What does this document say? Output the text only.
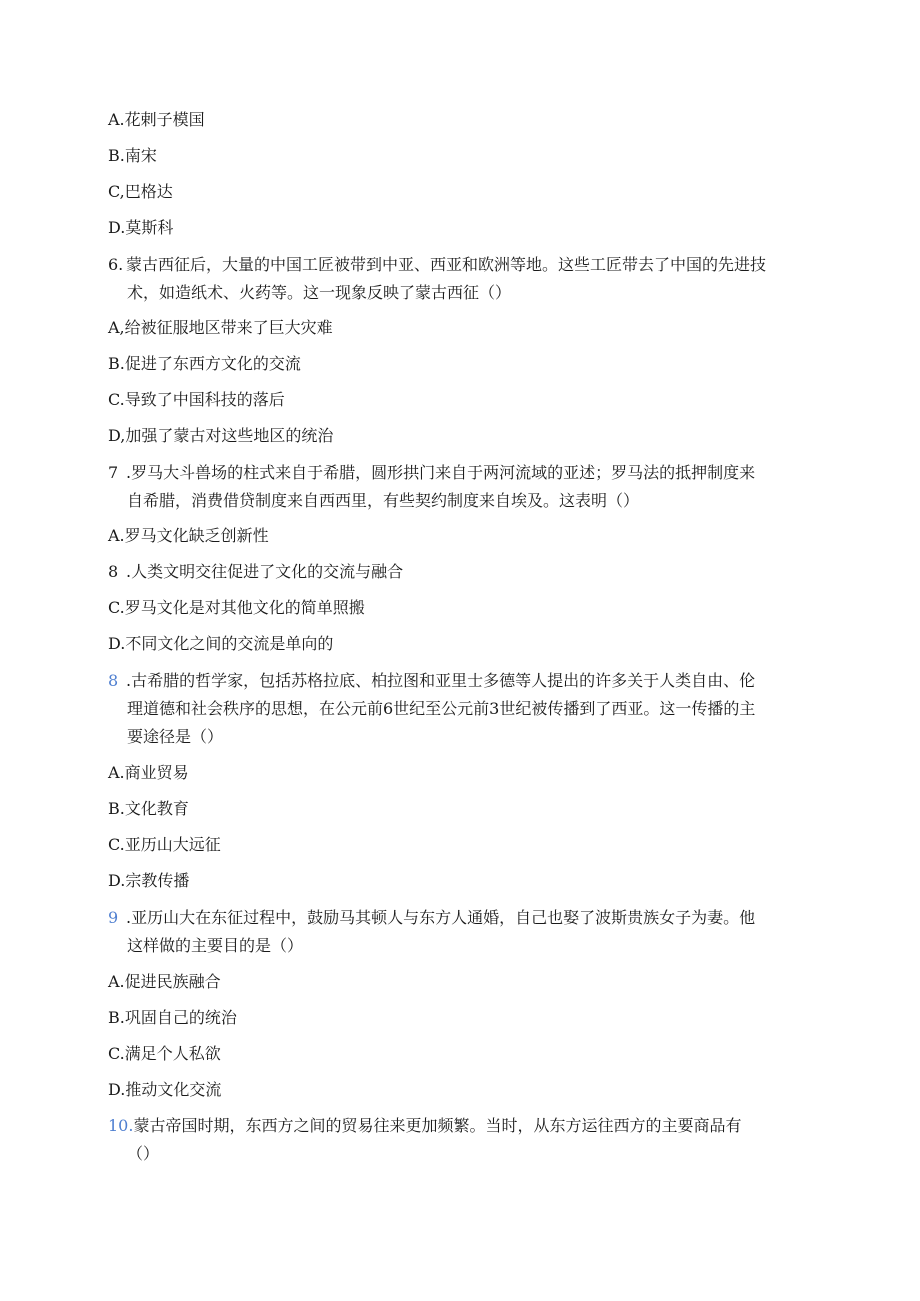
A.花剌子模国
B.南宋
C,巴格达
D.莫斯科
6. 蒙古西征后，大量的中国工匠被带到中亚、西亚和欧洲等地。这些工匠带去了中国的先进技
术，如造纸术、火药等。这一现象反映了蒙古西征（）
A,给被征服地区带来了巨大灾难
B.促进了东西方文化的交流
C.导致了中国科技的落后
D,加强了蒙古对这些地区的统治
7 .罗马大斗兽场的柱式来自于希腊，圆形拱门来自于两河流域的亚述；罗马法的抵押制度来
自希腊，消费借贷制度来自西西里，有些契约制度来自埃及。这表明（）
A.罗马文化缺乏创新性
8 .人类文明交往促进了文化的交流与融合
C.罗马文化是对其他文化的简单照搬
D.不同文化之间的交流是单向的
8 .古希腊的哲学家，包括苏格拉底、柏拉图和亚里士多德等人提出的许多关于人类自由、伦
理道德和社会秩序的思想，在公元前6世纪至公元前3世纪被传播到了西亚。这一传播的主
要途径是（）
A.商业贸易
B.文化教育
C.亚历山大远征
D.宗教传播
9 .亚历山大在东征过程中，鼓励马其顿人与东方人通婚，自己也娶了波斯贵族女子为妻。他
这样做的主要目的是（）
A.促进民族融合
B.巩固自己的统治
C.满足个人私欲
D.推动文化交流
10.蒙古帝国时期，东西方之间的贸易往来更加频繁。当时，从东方运往西方的主要商品有
（）
